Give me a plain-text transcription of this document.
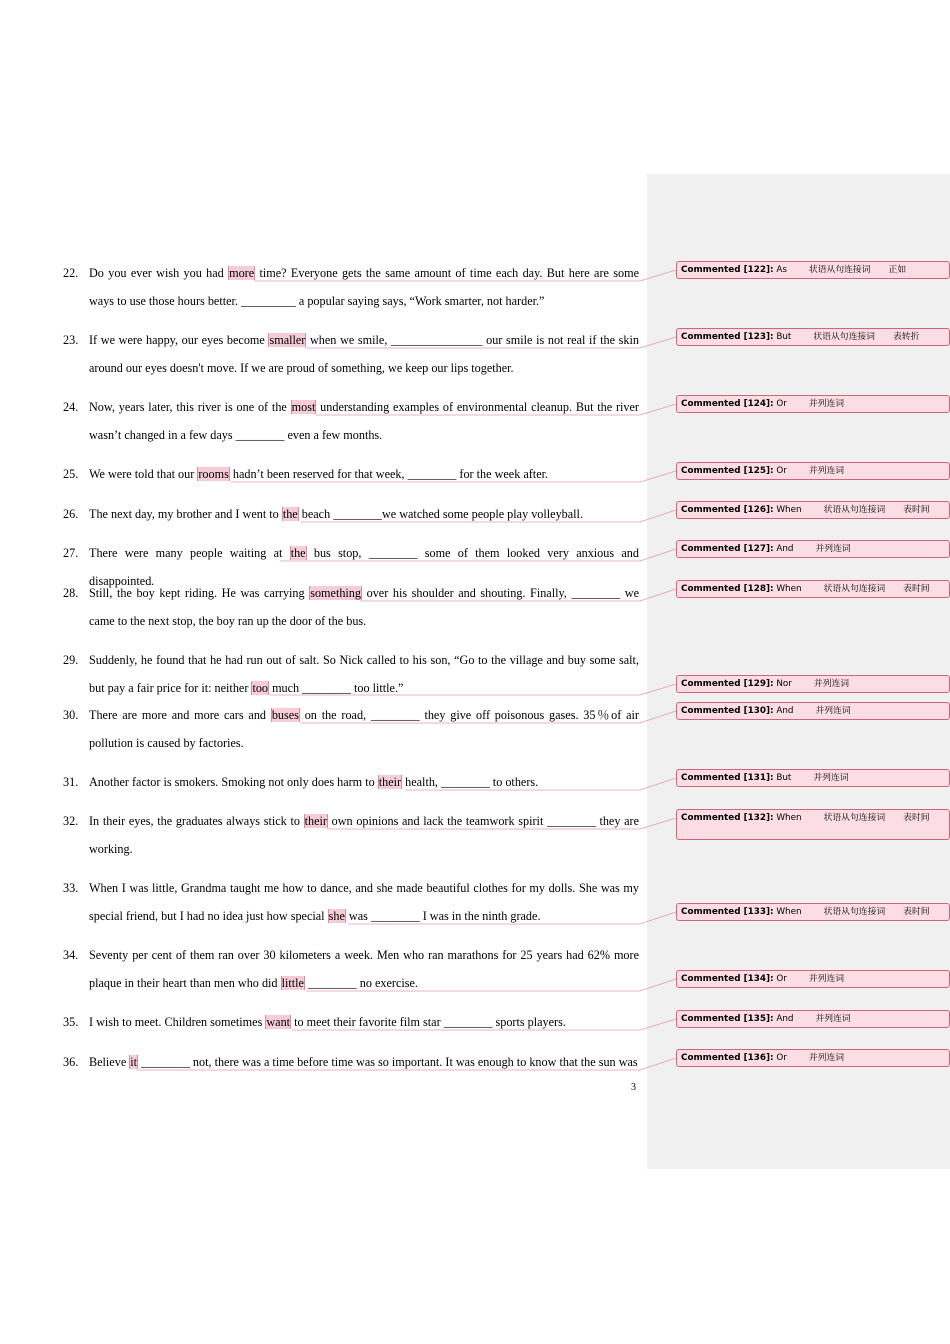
22. Do you ever wish you had more time? Everyone gets the same amount of time each day. But here are some ways to use those hours better. _________ a popular saying says, “Work smarter, not harder.”
23. If we were happy, our eyes become smaller when we smile, _______________ our smile is not real if the skin around our eyes doesn't move. If we are proud of something, we keep our lips together.
24. Now, years later, this river is one of the most understanding examples of environmental cleanup. But the river wasn’t changed in a few days ________ even a few months.
25. We were told that our rooms hadn’t been reserved for that week, ________ for the week after.
26. The next day, my brother and I went to the beach ________we watched some people play volleyball.
27. There were many people waiting at the bus stop, ________ some of them looked very anxious and disappointed.
28. Still, the boy kept riding. He was carrying something over his shoulder and shouting. Finally, ________ we came to the next stop, the boy ran up the door of the bus.
29. Suddenly, he found that he had run out of salt. So Nick called to his son, “Go to the village and buy some salt, but pay a fair price for it: neither too much ________ too little.”
30. There are more and more cars and buses on the road, ________ they give off poisonous gases. 35％of air pollution is caused by factories.
31. Another factor is smokers. Smoking not only does harm to their health, ________ to others.
32. In their eyes, the graduates always stick to their own opinions and lack the teamwork spirit ________ they are working.
33. When I was little, Grandma taught me how to dance, and she made beautiful clothes for my dolls. She was my special friend, but I had no idea just how special she was ________ I was in the ninth grade.
34. Seventy per cent of them ran over 30 kilometers a week. Men who ran marathons for 25 years had 62% more plaque in their heart than men who did little ________ no exercise.
35. I wish to meet. Children sometimes want to meet their favorite film star ________ sports players.
36. Believe it ________ not, there was a time before time was so important. It was enough to know that the sun was
Commented [122]: As	状语从句连接词 正如
Commented [123]: But	状语从句连接词 表转折
Commented [124]: Or	并列连词
Commented [125]: Or	并列连词
Commented [126]: When	状语从句连接词 表时间
Commented [127]: And	并列连词
Commented [128]: When	状语从句连接词 表时间
Commented [129]: Nor	并列连词
Commented [130]: And	并列连词
Commented [131]: But	并列连词
Commented [132]: When	状语从句连接词 表时间
Commented [133]: When	状语从句连接词 表时间
Commented [134]: Or	并列连词
Commented [135]: And	并列连词
Commented [136]: Or	并列连词
3
